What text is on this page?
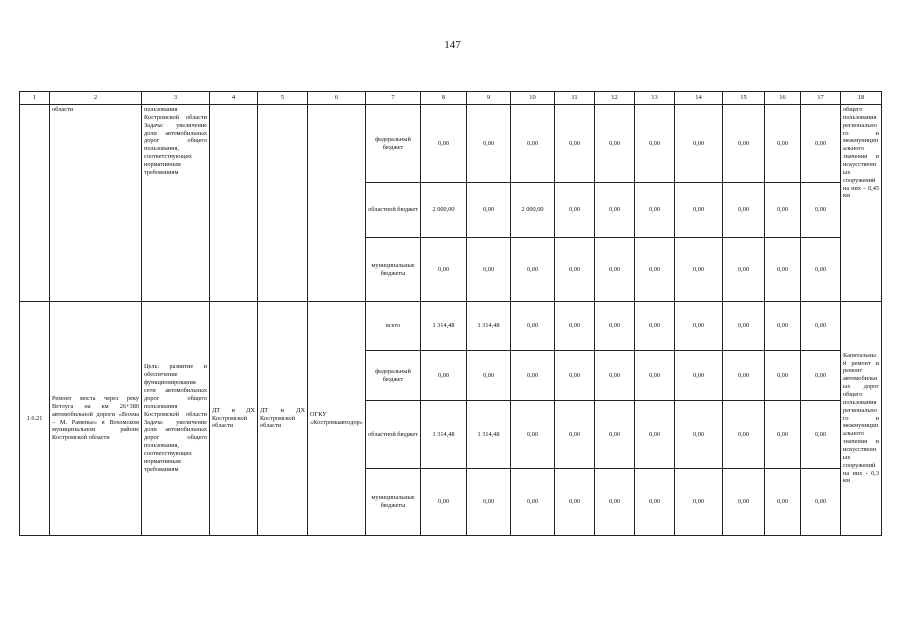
147
1	2	3	4	5	6	7	8	9	10	11	12	13	14	15	16	17	18
	области	пользования Костромской области Задача: увеличение доли автомобильных дорог общего пользования, соответствующих нормативным требованиям				федеральный бюджет	0,00	0,00	0,00	0,00	0,00	0,00	0,00	0,00	0,00	0,00	общего пользования регионального и межмуниципального значения и искусственных сооружений на них – 0,45 км
						областной бюджет	2 000,00	0,00	2 000,00	0,00	0,00	0,00	0,00	0,00	0,00	0,00	
						муниципальные бюджеты	0,00	0,00	0,00	0,00	0,00	0,00	0,00	0,00	0,00	0,00	
1.6.21	Ремонт моста через реку Ветлуга на км 26+380 автомобильной дороги «Вохма – М. Раменье» в Вохомском муниципальном районе Костромской области	Цель: развитие и обеспечение функционирования сети автомобильных дорог общего пользования Костромской области Задача: увеличение доли автомобильных дорог общего пользования, соответствующих нормативным требованиям	ДТ и ДХ Костромской области	ДТ и ДХ Костромской области	ОГКУ «Костромаавтодор»	всего	1 314,48	1 314,48	0,00	0,00	0,00	0,00	0,00	0,00	0,00	0,00	Капитальный ремонт и ремонт автомобильных дорог общего пользования регионального и межмуниципального значения и искусственных сооружений на них - 0,3 км
						федеральный бюджет	0,00	0,00	0,00	0,00	0,00	0,00	0,00	0,00	0,00	0,00	
						областной бюджет	1 314,48	1 314,48	0,00	0,00	0,00	0,00	0,00	0,00	0,00	0,00	
						муниципальные бюджеты	0,00	0,00	0,00	0,00	0,00	0,00	0,00	0,00	0,00	0,00	
